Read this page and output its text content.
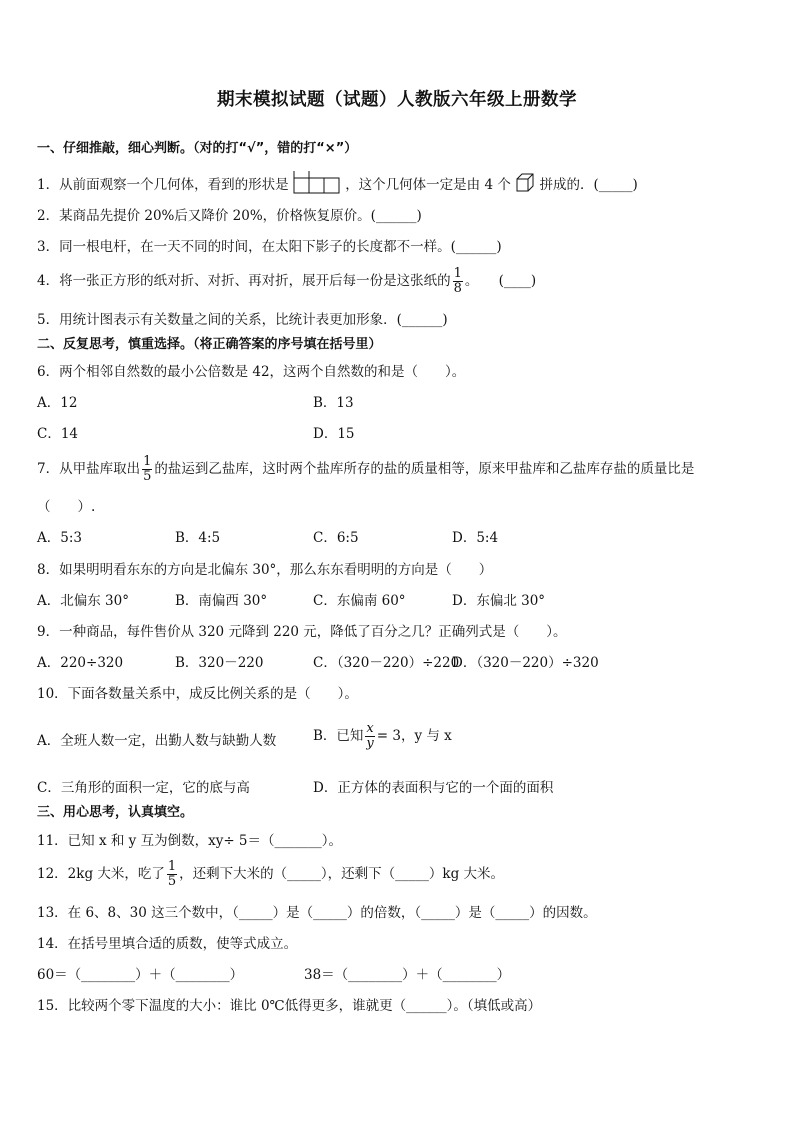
期末模拟试题（试题）人教版六年级上册数学
一、仔细推敲，细心判断。（对的打“√”，错的打“×”）
1．从前面观察一个几何体，看到的形状是	，这个几何体一定是由 4 个 拼成的．(_____)
2．某商品先提价 20%后又降价 20%，价格恢复原价。(______)
3．同一根电杆，在一天不同的时间，在太阳下影子的长度都不一样。(______)
4．将一张正方形的纸对折、对折、再对折，展开后每一份是这张纸的 $\frac{1}{8}$ 。　　(____)
5．用统计图表示有关数量之间的关系，比统计表更加形象．(______)
二、反复思考，慎重选择。（将正确答案的序号填在括号里）
6．两个相邻自然数的最小公倍数是 42，这两个自然数的和是（　　）。
A．12	B．13
C．14	D．15
7．从甲盐库取出 $\frac{1}{5}$ 的盐运到乙盐库，这时两个盐库所存的盐的质量相等，原来甲盐库和乙盐库存盐的质量比是
（　　）.
A．5:3	B．4:5	C．6:5	D．5:4
8．如果明明看东东的方向是北偏东 30°，那么东东看明明的方向是（　　）
A．北偏东 30°	B．南偏西 30°	C．东偏南 60°	D．东偏北 30°
9．一种商品，每件售价从 320 元降到 220 元，降低了百分之几？正确列式是（　　）。
A．220÷320	B．320－220	C．（320－220）÷220
D．（320－220）÷320
10．下面各数量关系中，成反比例关系的是（　　）。
A．全班人数一定，出勤人数与缺勤人数	B．已知 $\frac{x}{y} = 3$，y 与 x
C．三角形的面积一定，它的底与高	D．正方体的表面积与它的一个面的面积
三、用心思考，认真填空。
11．已知 x 和 y 互为倒数，xy÷ 5＝（_______）。
12．2kg 大米，吃了 $\frac{1}{5}$ ，还剩下大米的（_____），还剩下（_____）kg 大米。
13．在 6、8、30 这三个数中，（_____）是（_____）的倍数，（_____）是（_____）的因数。
14．在括号里填合适的质数，使等式成立。
60＝（________）＋（________）	38＝（________）＋（________）
15．比较两个零下温度的大小：谁比 0℃低得更多，谁就更（______）。（填低或高）
